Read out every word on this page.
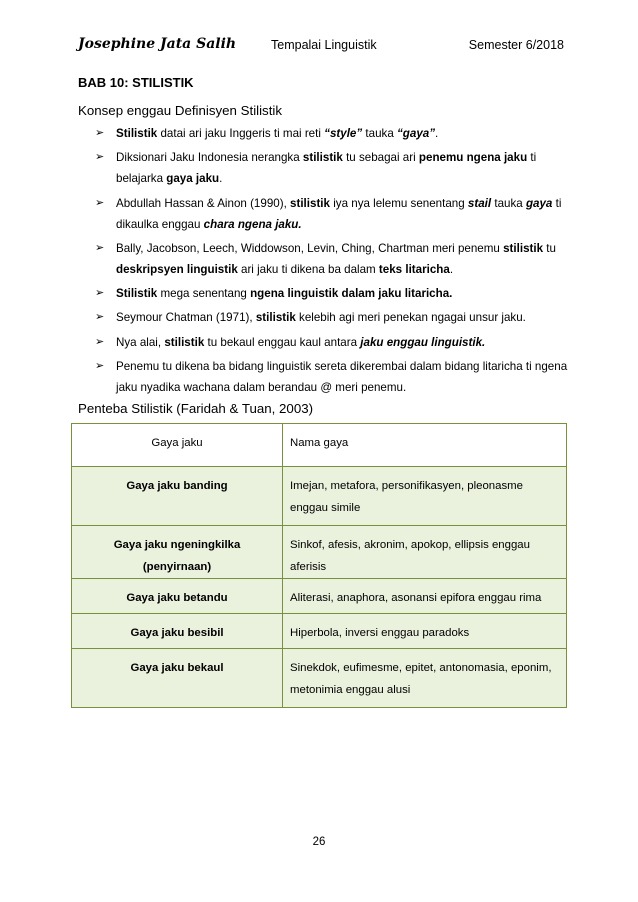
Josephine Jata Salih	Tempalai Linguistik	Semester 6/2018
BAB 10: STILISTIK
Konsep enggau Definisyen Stilistik
➢ Stilistik datai ari jaku Inggeris ti mai reti “style” tauka “gaya”.
➢ Diksionari Jaku Indonesia nerangka stilistik tu sebagai ari penemu ngena jaku ti belajarka gaya jaku.
➢ Abdullah Hassan & Ainon (1990), stilistik iya nya lelemu senentang stail tauka gaya ti dikaulka enggau chara ngena jaku.
➢ Bally, Jacobson, Leech, Widdowson, Levin, Ching, Chartman meri penemu stilistik tu deskripsyen linguistik ari jaku ti dikena ba dalam teks litaricha.
➢ Stilistik mega senentang ngena linguistik dalam jaku litaricha.
➢ Seymour Chatman (1971), stilistik kelebih agi meri penekan ngagai unsur jaku.
➢ Nya alai, stilistik tu bekaul enggau kaul antara jaku enggau linguistik.
➢ Penemu tu dikena ba bidang linguistik sereta dikerembai dalam bidang litaricha ti ngena jaku nyadika wachana dalam berandau @ meri penemu.
Penteba Stilistik (Faridah & Tuan, 2003)
Gaya jaku	Nama gaya
Gaya jaku banding	Imejan, metafora, personifikasyen, pleonasme enggau simile
Gaya jaku ngeningkilka (penyirnaan)	Sinkof, afesis, akronim, apokop, ellipsis enggau aferisis
Gaya jaku betandu	Aliterasi, anaphora, asonansi epifora enggau rima
Gaya jaku besibil	Hiperbola, inversi enggau paradoks
Gaya jaku bekaul	Sinekdok, eufimesme, epitet, antonomasia, eponim, metonimia enggau alusi
26
